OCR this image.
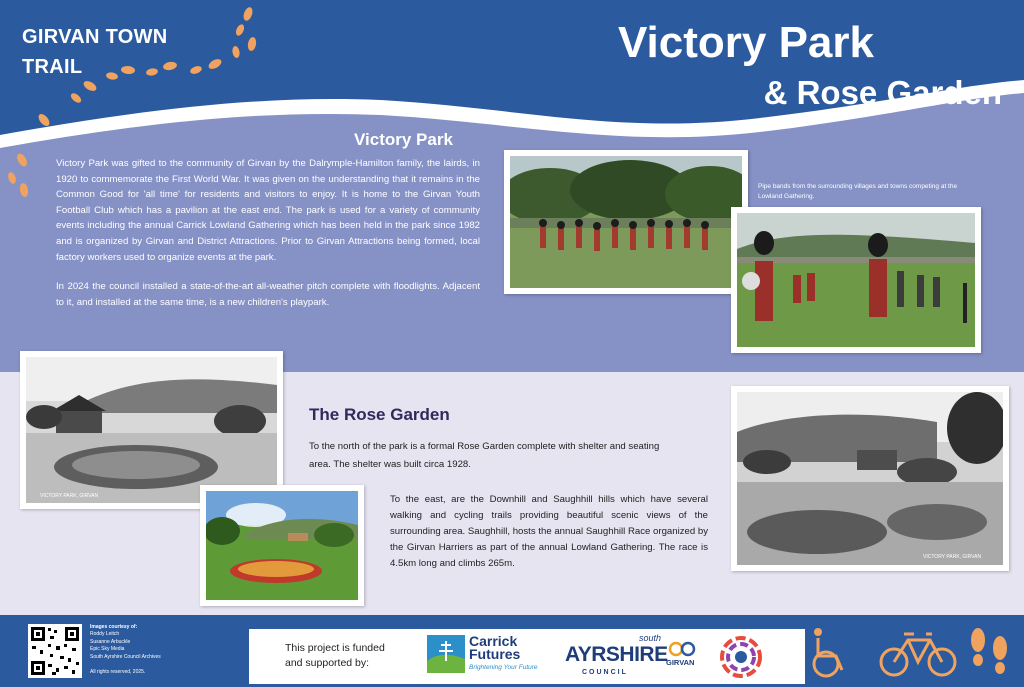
GIRVAN TOWN
TRAIL	Victory Park
& Rose Garden
Victory Park

Victory Park was gifted to the community of Girvan by the Dalrymple-Hamilton family, the lairds, in 1920 to commemorate the First World War. It was given on the understanding that it remains in the Common Good for 'all time' for residents and visitors to enjoy. It is home to the Girvan Youth Football Club which has a pavilion at the east end. The park is used for a variety of community events including the annual Carrick Lowland Gathering which has been held in the park since 1982 and is organized by Girvan and District Attractions. Prior to Girvan Attractions being formed, local factory workers used to organize events at the park.

In 2024 the council installed a state-of-the-art all-weather pitch complete with floodlights. Adjacent to it, and installed at the same time, is a new children's playpark.

Pipe bands from the surrounding villages and towns competing at the Lowland Gathering.
VICTORY PARK, GIRVAN
VICTORY PARK, GIRVAN
The Rose Garden
To the north of the park is a formal Rose Garden complete with shelter and seating area. The shelter was built circa 1928.
To the east, are the Downhill and Saughhill hills which have several walking and cycling trails providing beautiful scenic views of the surrounding area. Saughhill, hosts the annual Saughhill Race organized by the Girvan Harriers as part of the annual Lowland Gathering. The race is 4.5km long and climbs 265m.
Images courtesy of:
Roddy Leitch
Susanne Arbuckle
Epic Sky Media
South Ayrshire Council Archives
All rights reserved, 2025.
This project is funded
and supported by:
Carrick
Futures
Brightening Your Future
south
AYRSHIRE
COUNCIL
GIRVAN
